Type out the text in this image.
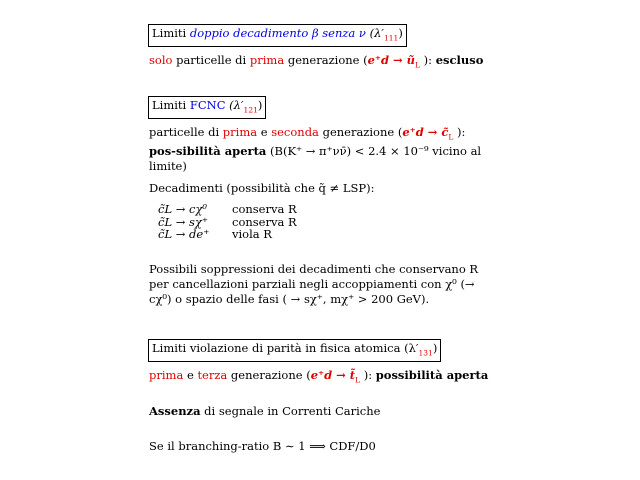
Limiti doppio decadimento β senza ν $(\lambda'_{111})$
solo particelle di prima generazione ($e^+d \to ũ_L$ ): escluso
Limiti FCNC $(\lambda'_{121})$
particelle di prima e seconda generazione ($e^+d \to c̃_L$ ): pos-sibilità aperta (B(K⁺ → π⁺νν̄) < 2.4 × 10⁻⁹ vicino al limite)
Decadimenti (possibilità che q̃ ≠ LSP):
c̃L → cχ⁰ conserva R
c̃L → sχ⁺ conserva R
c̃L → de⁺ viola R
Possibili soppressioni dei decadimenti che conservano R per cancellazioni parziali negli accoppiamenti con χ⁰ (→ cχ⁰) o spazio delle fasi ( → sχ⁺, mχ⁺ > 200 GeV).
Limiti violazione di parità in fisica atomica $(\lambda'_{131})$
prima e terza generazione ($e^+d \to t̃_L$ ): possibilità aperta
Assenza di segnale in Correnti Cariche
Se il branching-ratio B ∼ 1 ⟹ CDF/D0
